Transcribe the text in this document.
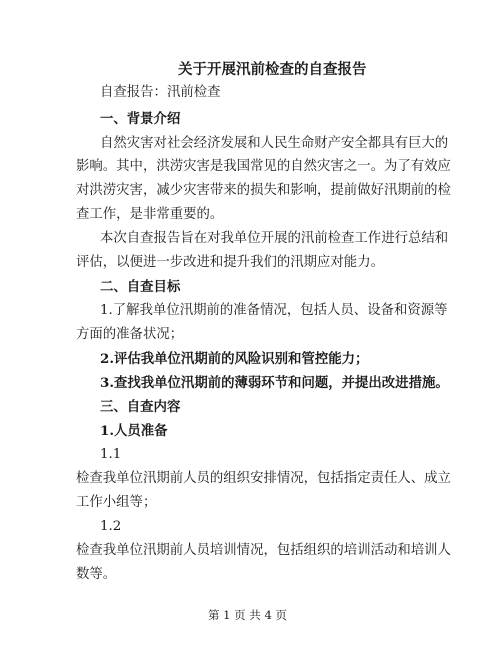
关于开展汛前检查的自查报告
自查报告：汛前检查
一、背景介绍
自然灾害对社会经济发展和人民生命财产安全都具有巨大的
影响。其中，洪涝灾害是我国常见的自然灾害之一。为了有效应
对洪涝灾害，减少灾害带来的损失和影响，提前做好汛期前的检
查工作，是非常重要的。
本次自查报告旨在对我单位开展的汛前检查工作进行总结和
评估，以便进一步改进和提升我们的汛期应对能力。
二、自查目标
1.了解我单位汛期前的准备情况，包括人员、设备和资源等
方面的准备状况；
2.评估我单位汛期前的风险识别和管控能力；
3.查找我单位汛期前的薄弱环节和问题，并提出改进措施。
三、自查内容
1.人员准备
1.1
检查我单位汛期前人员的组织安排情况，包括指定责任人、成立
工作小组等；
1.2
检查我单位汛期前人员培训情况，包括组织的培训活动和培训人
数等。
第 1 页 共 4 页
